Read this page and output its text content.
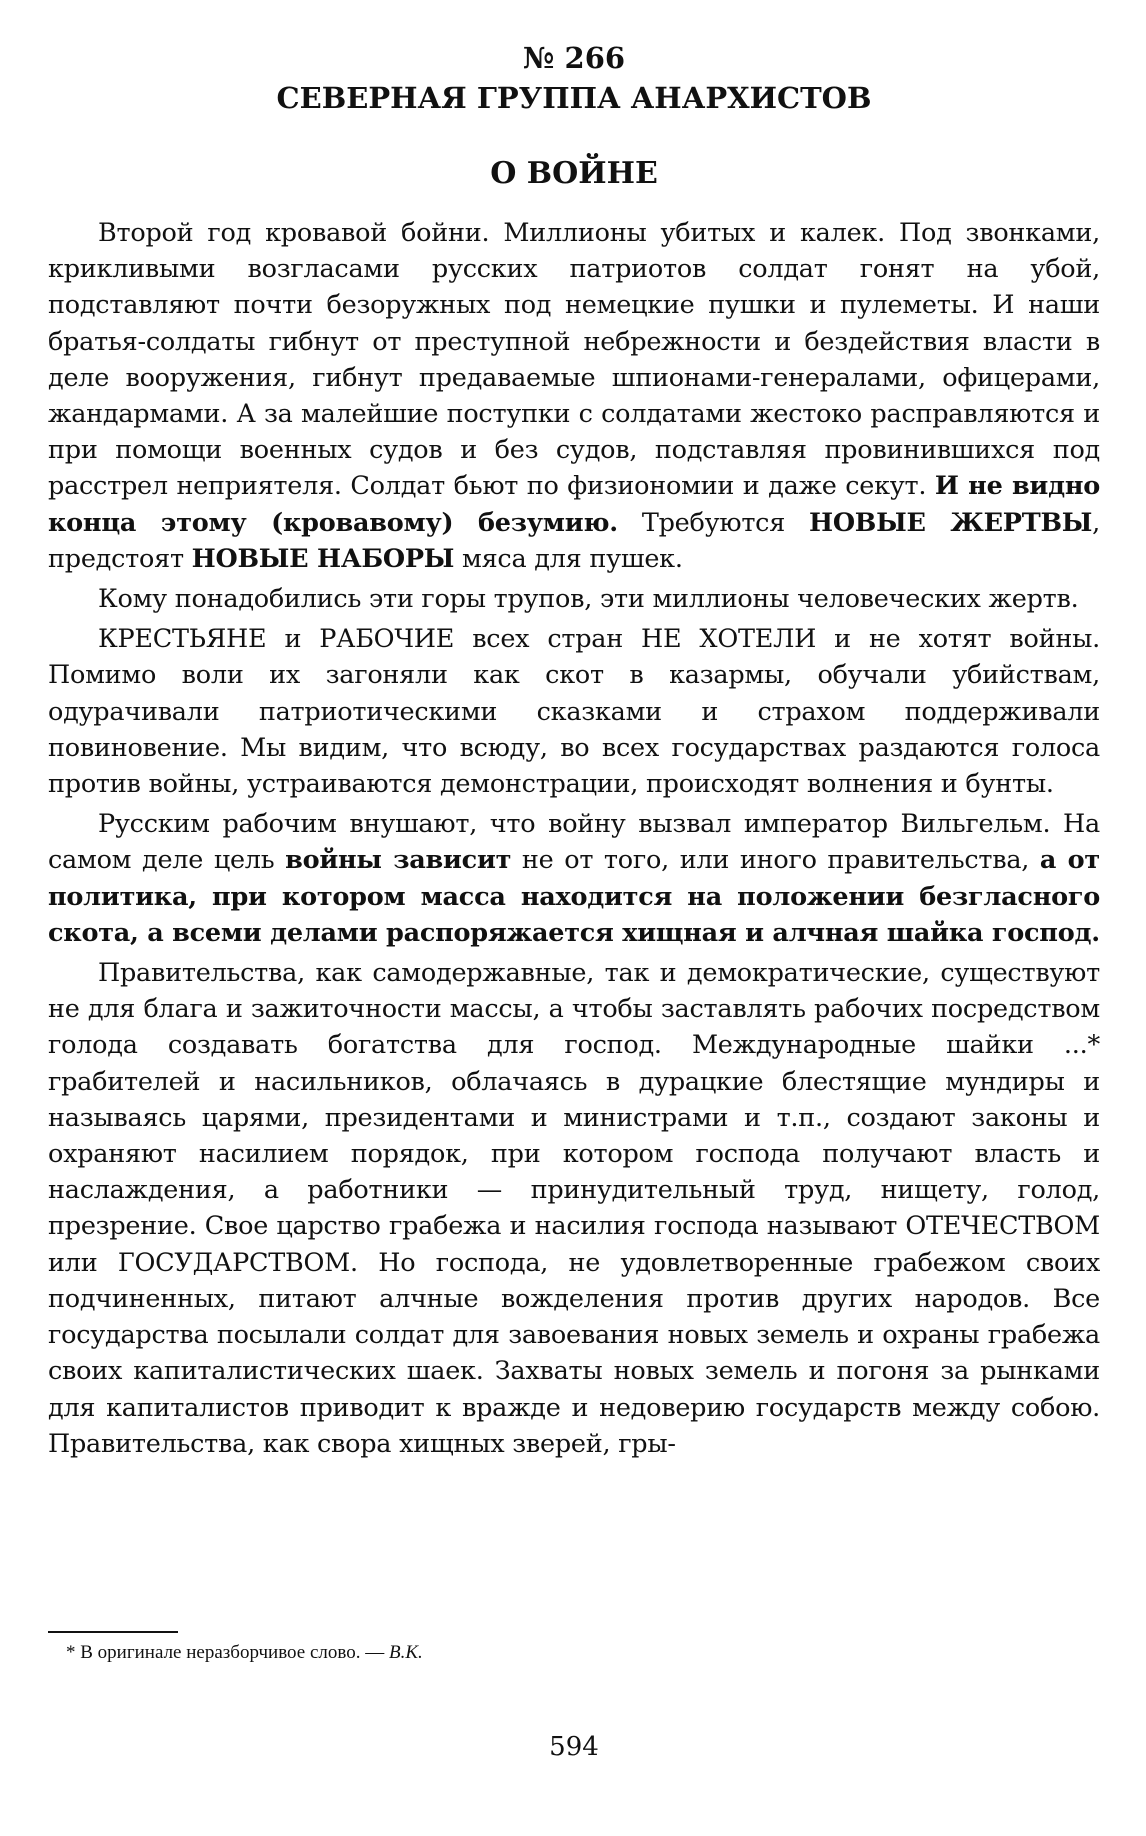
№ 266
СЕВЕРНАЯ ГРУППА АНАРХИСТОВ
О ВОЙНЕ

Второй год кровавой бойни. Миллионы убитых и калек. Под звонками, крикливыми возгласами русских патриотов солдат гонят на убой, подставляют почти безоружных под немецкие пушки и пулеметы. И наши братья-солдаты гибнут от преступной небрежности и бездействия власти в деле вооружения, гибнут предаваемые шпионами-генералами, офицерами, жандармами. А за малейшие поступки с солдатами жестоко расправляются и при помощи военных судов и без судов, подставляя провинившихся под расстрел неприятеля. Солдат бьют по физиономии и даже секут. И не видно конца этому (кровавому) безумию. Требуются НОВЫЕ ЖЕРТВЫ, предстоят НОВЫЕ НАБОРЫ мяса для пушек.

Кому понадобились эти горы трупов, эти миллионы человеческих жертв.

КРЕСТЬЯНЕ и РАБОЧИЕ всех стран НЕ ХОТЕЛИ и не хотят войны. Помимо воли их загоняли как скот в казармы, обучали убийствам, одурачивали патриотическими сказками и страхом поддерживали повиновение. Мы видим, что всюду, во всех государствах раздаются голоса против войны, устраиваются демонстрации, происходят волнения и бунты.

Русским рабочим внушают, что войну вызвал император Вильгельм. На самом деле цель войны зависит не от того, или иного правительства, а от политика, при котором масса находится на положении безгласного скота, а всеми делами распоряжается хищная и алчная шайка господ.

Правительства, как самодержавные, так и демократические, существуют не для блага и зажиточности массы, а чтобы заставлять рабочих посредством голода создавать богатства для господ. Международные шайки ...* грабителей и насильников, облачаясь в дурацкие блестящие мундиры и называясь царями, президентами и министрами и т.п., создают законы и охраняют насилием порядок, при котором господа получают власть и наслаждения, а работники — принудительный труд, нищету, голод, презрение. Свое царство грабежа и насилия господа называют ОТЕЧЕСТВОМ или ГОСУДАРСТВОМ. Но господа, не удовлетворенные грабежом своих подчиненных, питают алчные вожделения против других народов. Все государства посылали солдат для завоевания новых земель и охраны грабежа своих капиталистических шаек. Захваты новых земель и погоня за рынками для капиталистов приводит к вражде и недоверию государств между собою. Правительства, как свора хищных зверей, гры-

* В оригинале неразборчивое слово. — В.К.
594
